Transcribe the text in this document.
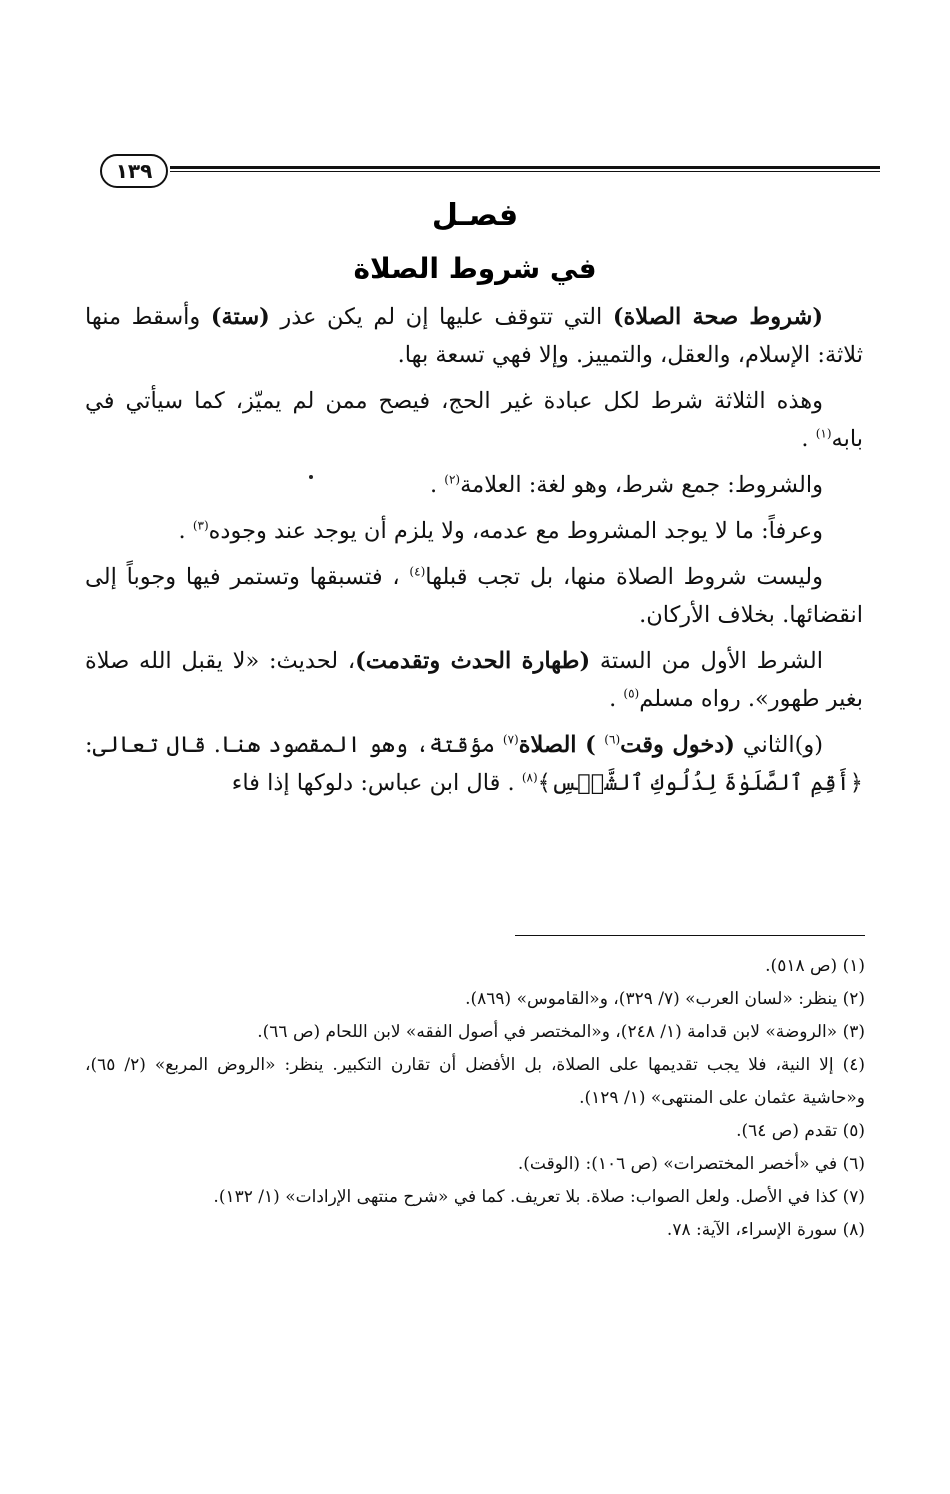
١٣٩
فصـل
في شروط الصلاة

(شروط صحة الصلاة) التي تتوقف عليها إن لم يكن عذر (ستة) وأسقط منها ثلاثة: الإسلام، والعقل، والتمييز. وإلا فهي تسعة بها.

وهذه الثلاثة شرط لكل عبادة غير الحج، فيصح ممن لم يميّز، كما سيأتي في بابه$^{(١)}$ .

والشروط: جمع شرط، وهو لغة: العلامة$^{(٢)}$ .

وعرفاً: ما لا يوجد المشروط مع عدمه، ولا يلزم أن يوجد عند وجوده$^{(٣)}$ .

وليست شروط الصلاة منها، بل تجب قبلها$^{(٤)}$ ، فتسبقها وتستمر فيها وجوباً إلى انقضائها. بخلاف الأركان.

الشرط الأول من الستة (طهارة الحدث وتقدمت)، لحديث: «لا يقبل الله صلاة بغير طهور». رواه مسلم$^{(٥)}$ .

(و)الثاني (دخول وقت$^{(٦)}$ ) الصلاة$^{(٧)}$ مؤقتة، وهو المقصود هنا. قال تعالى: ﴿أَقِمِ ٱلصَّلَوٰةَ لِدُلُوكِ ٱلشَّمۡسِ﴾$^{(٨)}$ . قال ابن عباس: دلوكها إذا فاء

(١) (ص ٥١٨).

(٢) ينظر: «لسان العرب» (٧/ ٣٢٩)، و«القاموس» (٨٦٩).

(٣) «الروضة» لابن قدامة (١/ ٢٤٨)، و«المختصر في أصول الفقه» لابن اللحام (ص ٦٦).

(٤) إلا النية، فلا يجب تقديمها على الصلاة، بل الأفضل أن تقارن التكبير. ينظر: «الروض المربع» (٢/ ٦٥)، و«حاشية عثمان على المنتهى» (١/ ١٢٩).

(٥) تقدم (ص ٦٤).

(٦) في «أخصر المختصرات» (ص ١٠٦): (الوقت).

(٧) كذا في الأصل. ولعل الصواب: صلاة. بلا تعريف. كما في «شرح منتهى الإرادات» (١/ ١٣٢).

(٨) سورة الإسراء، الآية: ٧٨.
